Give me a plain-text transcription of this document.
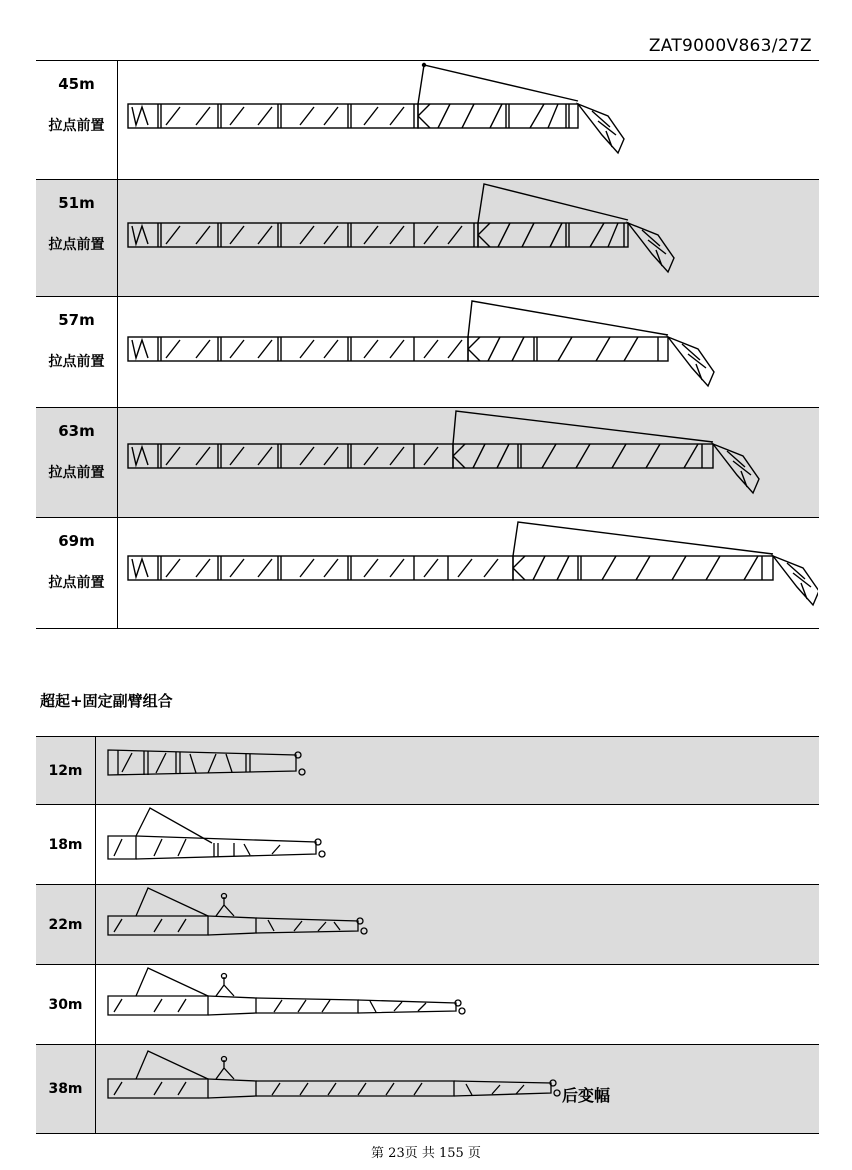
ZAT9000V863/27Z
45m
拉点前置

51m
拉点前置

57m
拉点前置

63m
拉点前置

69m
拉点前置

超起+固定副臂组合
12m	

18m	

22m	

30m	

38m	后变幅
第 23页 共 155 页
